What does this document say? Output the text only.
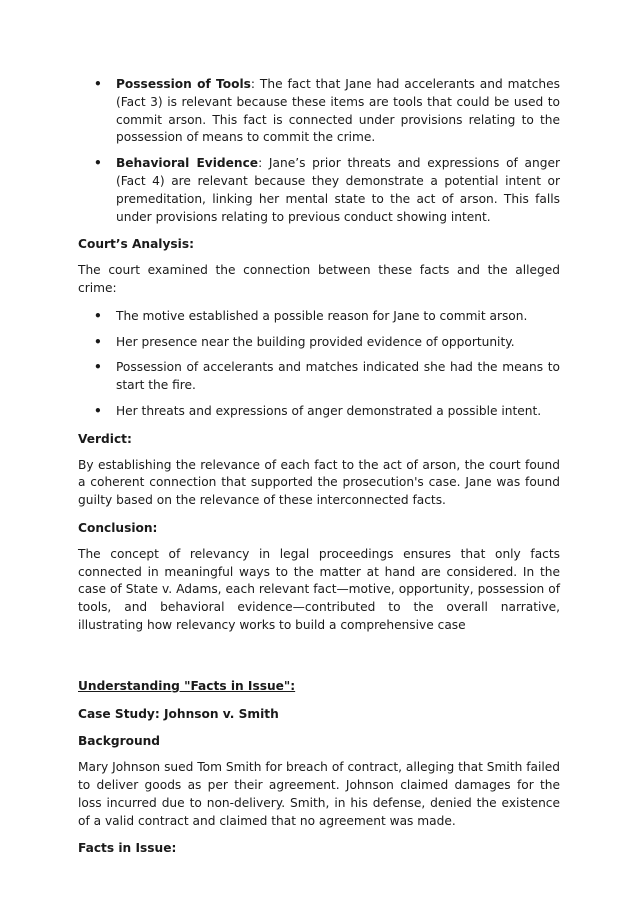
• Possession of Tools: The fact that Jane had accelerants and matches (Fact 3) is relevant because these items are tools that could be used to commit arson. This fact is connected under provisions relating to the possession of means to commit the crime.
• Behavioral Evidence: Jane’s prior threats and expressions of anger (Fact 4) are relevant because they demonstrate a potential intent or premeditation, linking her mental state to the act of arson. This falls under provisions relating to previous conduct showing intent.

Court’s Analysis:

The court examined the connection between these facts and the alleged crime:

• The motive established a possible reason for Jane to commit arson.
• Her presence near the building provided evidence of opportunity.
• Possession of accelerants and matches indicated she had the means to start the fire.
• Her threats and expressions of anger demonstrated a possible intent.

Verdict:

By establishing the relevance of each fact to the act of arson, the court found a coherent connection that supported the prosecution's case. Jane was found guilty based on the relevance of these interconnected facts.

Conclusion:

The concept of relevancy in legal proceedings ensures that only facts connected in meaningful ways to the matter at hand are considered. In the case of State v. Adams, each relevant fact—motive, opportunity, possession of tools, and behavioral evidence—contributed to the overall narrative, illustrating how relevancy works to build a comprehensive case

Understanding "Facts in Issue":

Case Study: Johnson v. Smith

Background

Mary Johnson sued Tom Smith for breach of contract, alleging that Smith failed to deliver goods as per their agreement. Johnson claimed damages for the loss incurred due to non-delivery. Smith, in his defense, denied the existence of a valid contract and claimed that no agreement was made.

Facts in Issue:
